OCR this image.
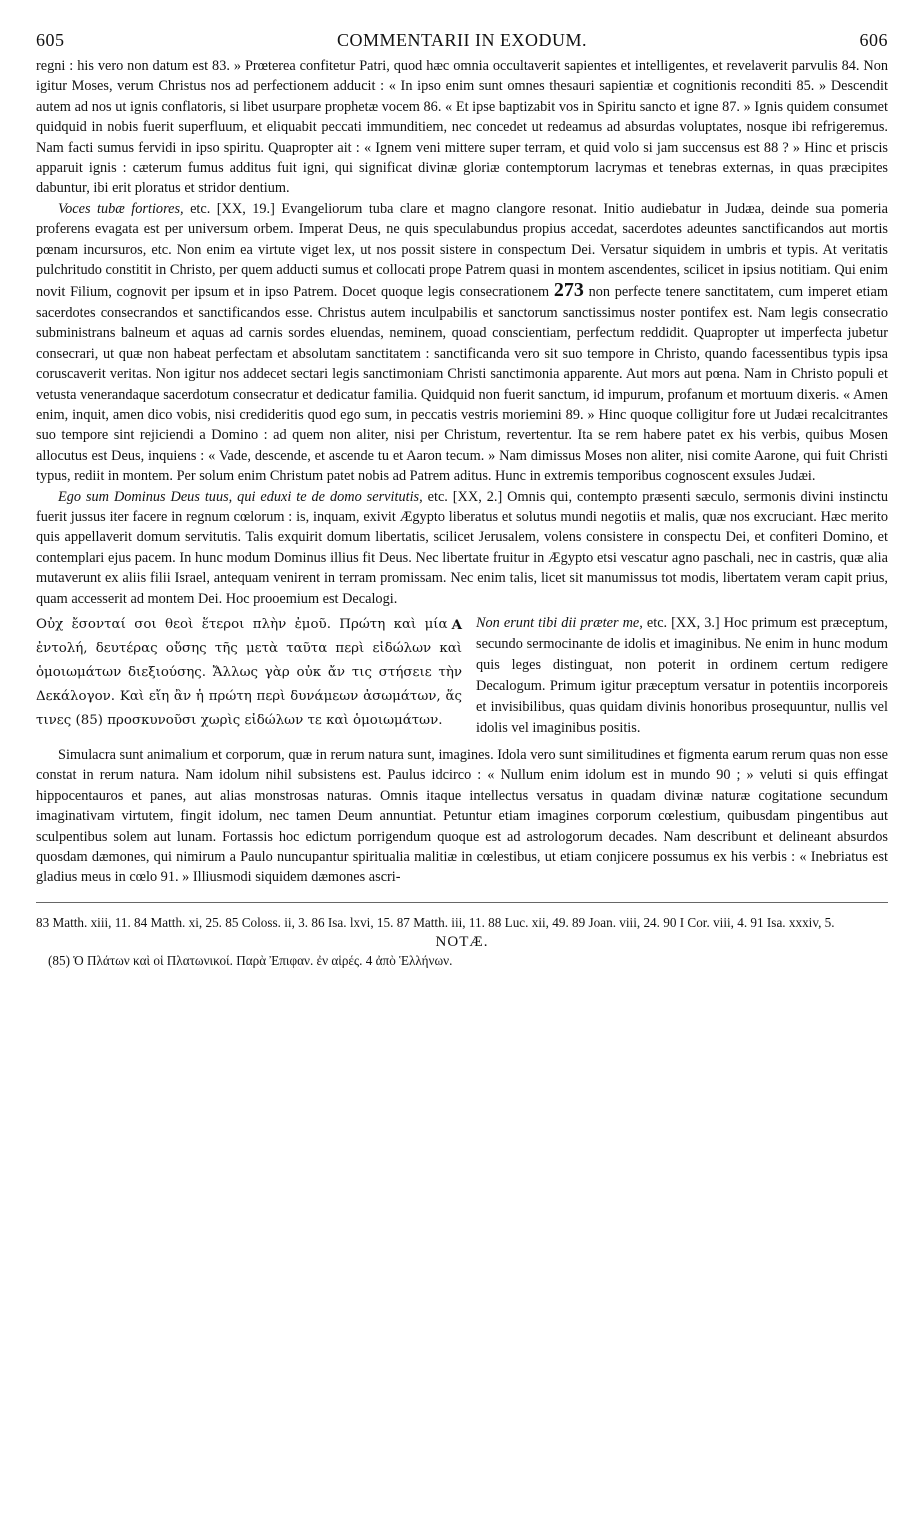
605	COMMENTARII IN EXODUM.	606

regni : his vero non datum est 83. » Prœterea confitetur Patri, quod hæc omnia occultaverit sapientes et intelligentes, et revelaverit parvulis 84. Non igitur Moses, verum Christus nos ad perfectionem adducit : « In ipso enim sunt omnes thesauri sapientiæ et cognitionis reconditi 85. » Descendit autem ad nos ut ignis conflatoris, si libet usurpare prophetæ vocem 86. « Et ipse baptizabit vos in Spiritu sancto et igne 87. » Ignis quidem consumet quidquid in nobis fuerit superfluum, et eliquabit peccati immunditiem, nec concedet ut redeamus ad absurdas voluptates, nosque ibi refrigeremus. Nam facti sumus fervidi in ipso spiritu. Quapropter ait : « Ignem veni mittere super terram, et quid volo si jam succensus est 88 ? » Hinc et priscis apparuit ignis : cæterum fumus additus fuit igni, qui significat divinæ gloriæ contemptorum lacrymas et tenebras externas, in quas præcipites dabuntur, ibi erit ploratus et stridor dentium.

Voces tubæ fortiores, etc. [XX, 19.] Evangeliorum tuba clare et magno clangore resonat. Initio audiebatur in Judæa, deinde sua pomeria proferens evagata est per universum orbem. Imperat Deus, ne quis speculabundus propius accedat, sacerdotes adeuntes sanctificandos aut mortis pœnam incursuros, etc. Non enim ea virtute viget lex, ut nos possit sistere in conspectum Dei. Versatur siquidem in umbris et typis. At veritatis pulchritudo constitit in Christo, per quem adducti sumus et collocati prope Patrem quasi in montem ascendentes, scilicet in ipsius notitiam. Qui enim novit Filium, cognovit per ipsum et in ipso Patrem. Docet quoque legis consecrationem 273 non perfecte tenere sanctitatem, cum imperet etiam sacerdotes consecrandos et sanctificandos esse. Christus autem inculpabilis et sanctorum sanctissimus noster pontifex est. Nam legis consecratio subministrans balneum et aquas ad carnis sordes eluendas, neminem, quoad conscientiam, perfectum reddidit. Quapropter ut imperfecta jubetur consecrari, ut quæ non habeat perfectam et absolutam sanctitatem : sanctificanda vero sit suo tempore in Christo, quando facessentibus typis ipsa coruscaverit veritas. Non igitur nos addecet sectari legis sanctimoniam Christi sanctimonia apparente. Aut mors aut pœna. Nam in Christo populi et vetusta venerandaque sacerdotum consecratur et dedicatur familia. Quidquid non fuerit sanctum, id impurum, profanum et mortuum dixeris. « Amen enim, inquit, amen dico vobis, nisi credideritis quod ego sum, in peccatis vestris moriemini 89. » Hinc quoque colligitur fore ut Judæi recalcitrantes suo tempore sint rejiciendi a Domino : ad quem non aliter, nisi per Christum, revertentur. Ita se rem habere patet ex his verbis, quibus Mosen allocutus est Deus, inquiens : « Vade, descende, et ascende tu et Aaron tecum. » Nam dimissus Moses non aliter, nisi comite Aarone, qui fuit Christi typus, rediit in montem. Per solum enim Christum patet nobis ad Patrem aditus. Hunc in extremis temporibus cognoscent exsules Judæi.

Ego sum Dominus Deus tuus, qui eduxi te de domo servitutis, etc. [XX, 2.] Omnis qui, contempto præsenti sæculo, sermonis divini instinctu fuerit jussus iter facere in regnum cœlorum : is, inquam, exivit Ægypto liberatus et solutus mundi negotiis et malis, quæ nos excruciant. Hæc merito quis appellaverit domum servitutis. Talis exquirit domum libertatis, scilicet Jerusalem, volens consistere in conspectu Dei, et confiteri Domino, et contemplari ejus pacem. In hunc modum Dominus illius fit Deus. Nec libertate fruitur in Ægypto etsi vescatur agno paschali, nec in castris, quæ alia mutaverunt ex aliis filii Israel, antequam venirent in terram promissam. Nec enim talis, licet sit manumissus tot modis, libertatem veram capit prius, quam accesserit ad montem Dei. Hoc prooemium est Decalogi.

A
Οὐχ ἔσονταί σοι θεοὶ ἕτεροι πλὴν ἐμοῦ. Πρώτη καὶ μία ἐντολή, δευτέρας οὔσης τῆς μετὰ ταῦτα περὶ εἰδώλων καὶ ὁμοιωμάτων διεξιούσης. Ἄλλως γὰρ οὐκ ἄν τις στήσειε τὴν Δεκάλογον. Καὶ εἴη ἂν ἡ πρώτη περὶ δυνάμεων ἀσωμάτων, ἅς τινες (85) προσκυνοῦσι χωρὶς εἰδώλων τε καὶ ὁμοιωμάτων.
Non erunt tibi dii præter me, etc. [XX, 3.] Hoc primum est præceptum, secundo sermocinante de idolis et imaginibus. Ne enim in hunc modum quis leges distinguat, non poterit in ordinem certum redigere Decalogum. Primum igitur præceptum versatur in potentiis incorporeis et invisibilibus, quas quidam divinis honoribus prosequuntur, nullis vel idolis vel imaginibus positis.

Simulacra sunt animalium et corporum, quæ in rerum natura sunt, imagines. Idola vero sunt similitudines et figmenta earum rerum quas non esse constat in rerum natura. Nam idolum nihil subsistens est. Paulus idcirco : « Nullum enim idolum est in mundo 90 ; » veluti si quis effingat hippocentauros et panes, aut alias monstrosas naturas. Omnis itaque intellectus versatus in quadam divinæ naturæ cogitatione secundum imaginativam virtutem, fingit idolum, nec tamen Deum annuntiat. Petuntur etiam imagines corporum cœlestium, quibusdam pingentibus aut sculpentibus solem aut lunam. Fortassis hoc edictum porrigendum quoque est ad astrologorum decades. Nam describunt et delineant absurdos quosdam dæmones, qui nimirum a Paulo nuncupantur spiritualia malitiæ in cœlestibus, ut etiam conjicere possumus ex his verbis : « Inebriatus est gladius meus in cœlo 91. » Illiusmodi siquidem dæmones ascri-

83 Matth. xiii, 11. 84 Matth. xi, 25. 85 Coloss. ii, 3. 86 Isa. lxvi, 15. 87 Matth. iii, 11. 88 Luc. xii, 49. 89 Joan. viii, 24. 90 I Cor. viii, 4. 91 Isa. xxxiv, 5.
NOTÆ.
(85) Ὁ Πλάτων καὶ οἱ Πλατωνικοί. Παρὰ Ἐπιφαν. ἐν αἱρές. 4 ἀπὸ Ἑλλήνων.
